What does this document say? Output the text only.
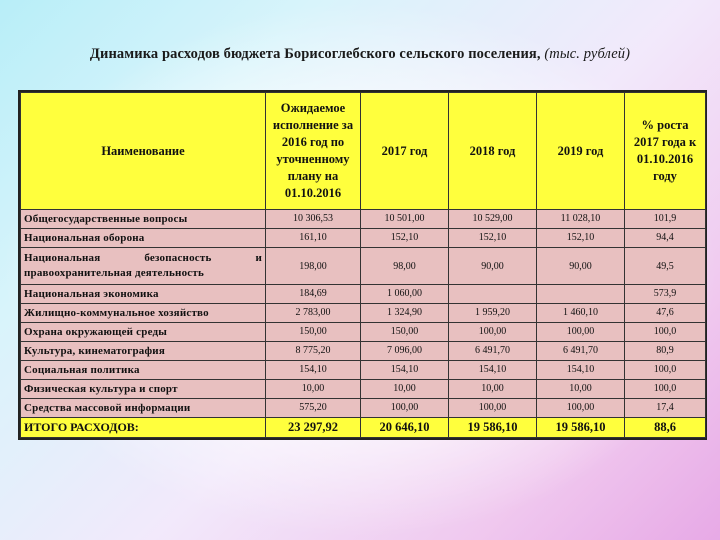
Динамика расходов бюджета Борисоглебского сельского поселения, (тыс. рублей)
Наименование	Ожидаемое исполнение за 2016 год по уточненному плану на 01.10.2016	2017 год	2018 год	2019 год	% роста 2017 года к 01.10.2016 году
Общегосударственные вопросы	10 306,53	10 501,00	10 529,00	11 028,10	101,9
Национальная оборона	161,10	152,10	152,10	152,10	94,4
Национальная безопасность и правоохранительная деятельность	198,00	98,00	90,00	90,00	49,5
Национальная экономика	184,69	1 060,00			573,9
Жилищно-коммунальное хозяйство	2 783,00	1 324,90	1 959,20	1 460,10	47,6
Охрана окружающей среды	150,00	150,00	100,00	100,00	100,0
Культура, кинематография	8 775,20	7 096,00	6 491,70	6 491,70	80,9
Социальная политика	154,10	154,10	154,10	154,10	100,0
Физическая культура и спорт	10,00	10,00	10,00	10,00	100,0
Средства массовой информации	575,20	100,00	100,00	100,00	17,4
ИТОГО РАСХОДОВ:	23 297,92	20 646,10	19 586,10	19 586,10	88,6
